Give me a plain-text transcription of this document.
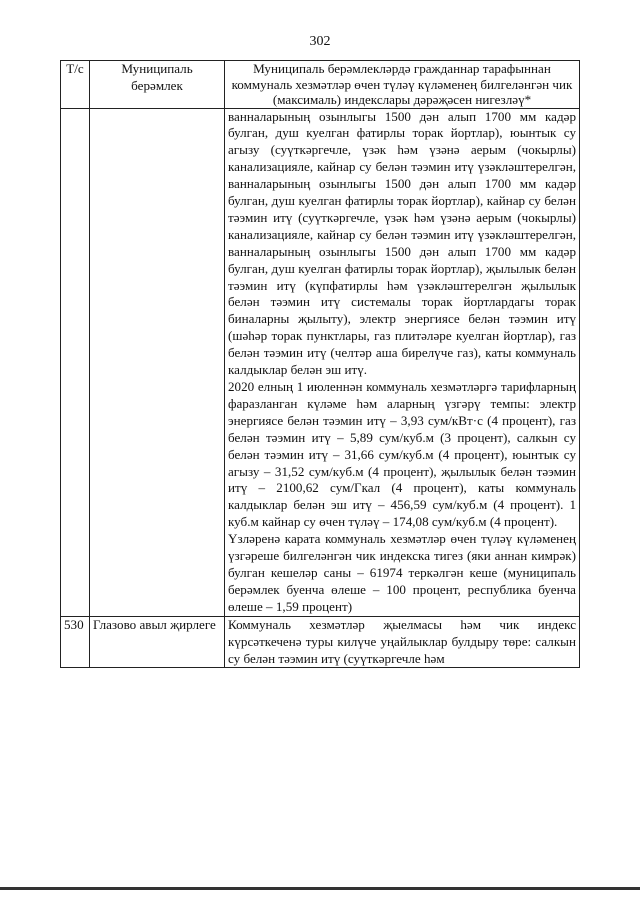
302
Т/с	Муниципаль берәмлек	Муниципаль берәмлекләрдә гражданнар тарафыннан коммуналь хезмәтләр өчен түләү күләменең билгеләнгән чик (максималь) индекслары дәрәҗәсен нигезләү*

		ванналарының озынлыгы 1500 дән алып 1700 мм кадәр булган, душ куелган фатирлы торак йортлар), юынтык су агызу (суүткәргечле, үзәк һәм үзәнә аерым (чокырлы) канализацияле, кайнар су белән тәэмин итү үзәкләштерелгән, ванналарының озынлыгы 1500 дән алып 1700 мм кадәр булган, душ куелган фатирлы торак йортлар), кайнар су белән тәэмин итү (суүткәргечле, үзәк һәм үзәнә аерым (чокырлы) канализацияле, кайнар су белән тәэмин итү үзәкләштерелгән, ванналарының озынлыгы 1500 дән алып 1700 мм кадәр булган, душ куелган фатирлы торак йортлар), җылылык белән тәэмин итү (күпфатирлы һәм үзәкләштерелгән җылылык белән тәэмин итү системалы торак йортлардагы торак биналарны җылыту), электр энергиясе белән тәэмин итү (шәһәр торак пунктлары, газ плитәләре куелган йортлар), газ белән тәэмин итү (челтәр аша бирелүче газ), каты коммуналь калдыклар белән эш итү.
2020 елның 1 июленнән коммуналь хезмәтләргә тарифларның фаразланган күләме һәм аларның үзгәрү темпы: электр энергиясе белән тәэмин итү – 3,93 сум/кВт·с (4 процент), газ белән тәэмин итү – 5,89 сум/куб.м (3 процент), салкын су белән тәэмин итү – 31,66 сум/куб.м (4 процент), юынтык су агызу – 31,52 сум/куб.м (4 процент), җылылык белән тәэмин итү – 2100,62 сум/Гкал (4 процент), каты коммуналь калдыклар белән эш итү – 456,59 сум/куб.м (4 процент). 1 куб.м кайнар су өчен түләү – 174,08 сум/куб.м (4 процент).
Үзләренә карата коммуналь хезмәтләр өчен түләү күләменең үзгәреше билгеләнгән чик индекска тигез (яки аннан кимрәк) булган кешеләр саны – 61974 теркәлгән кеше (муниципаль берәмлек буенча өлеше – 100 процент, республика буенча өлеше – 1,59 процент)

530	Глазово авыл җирлеге	Коммуналь хезмәтләр җыелмасы һәм чик индекс күрсәткеченә туры килүче уңайлыклар булдыру төре: салкын су белән тәэмин итү (суүткәргечле һәм
